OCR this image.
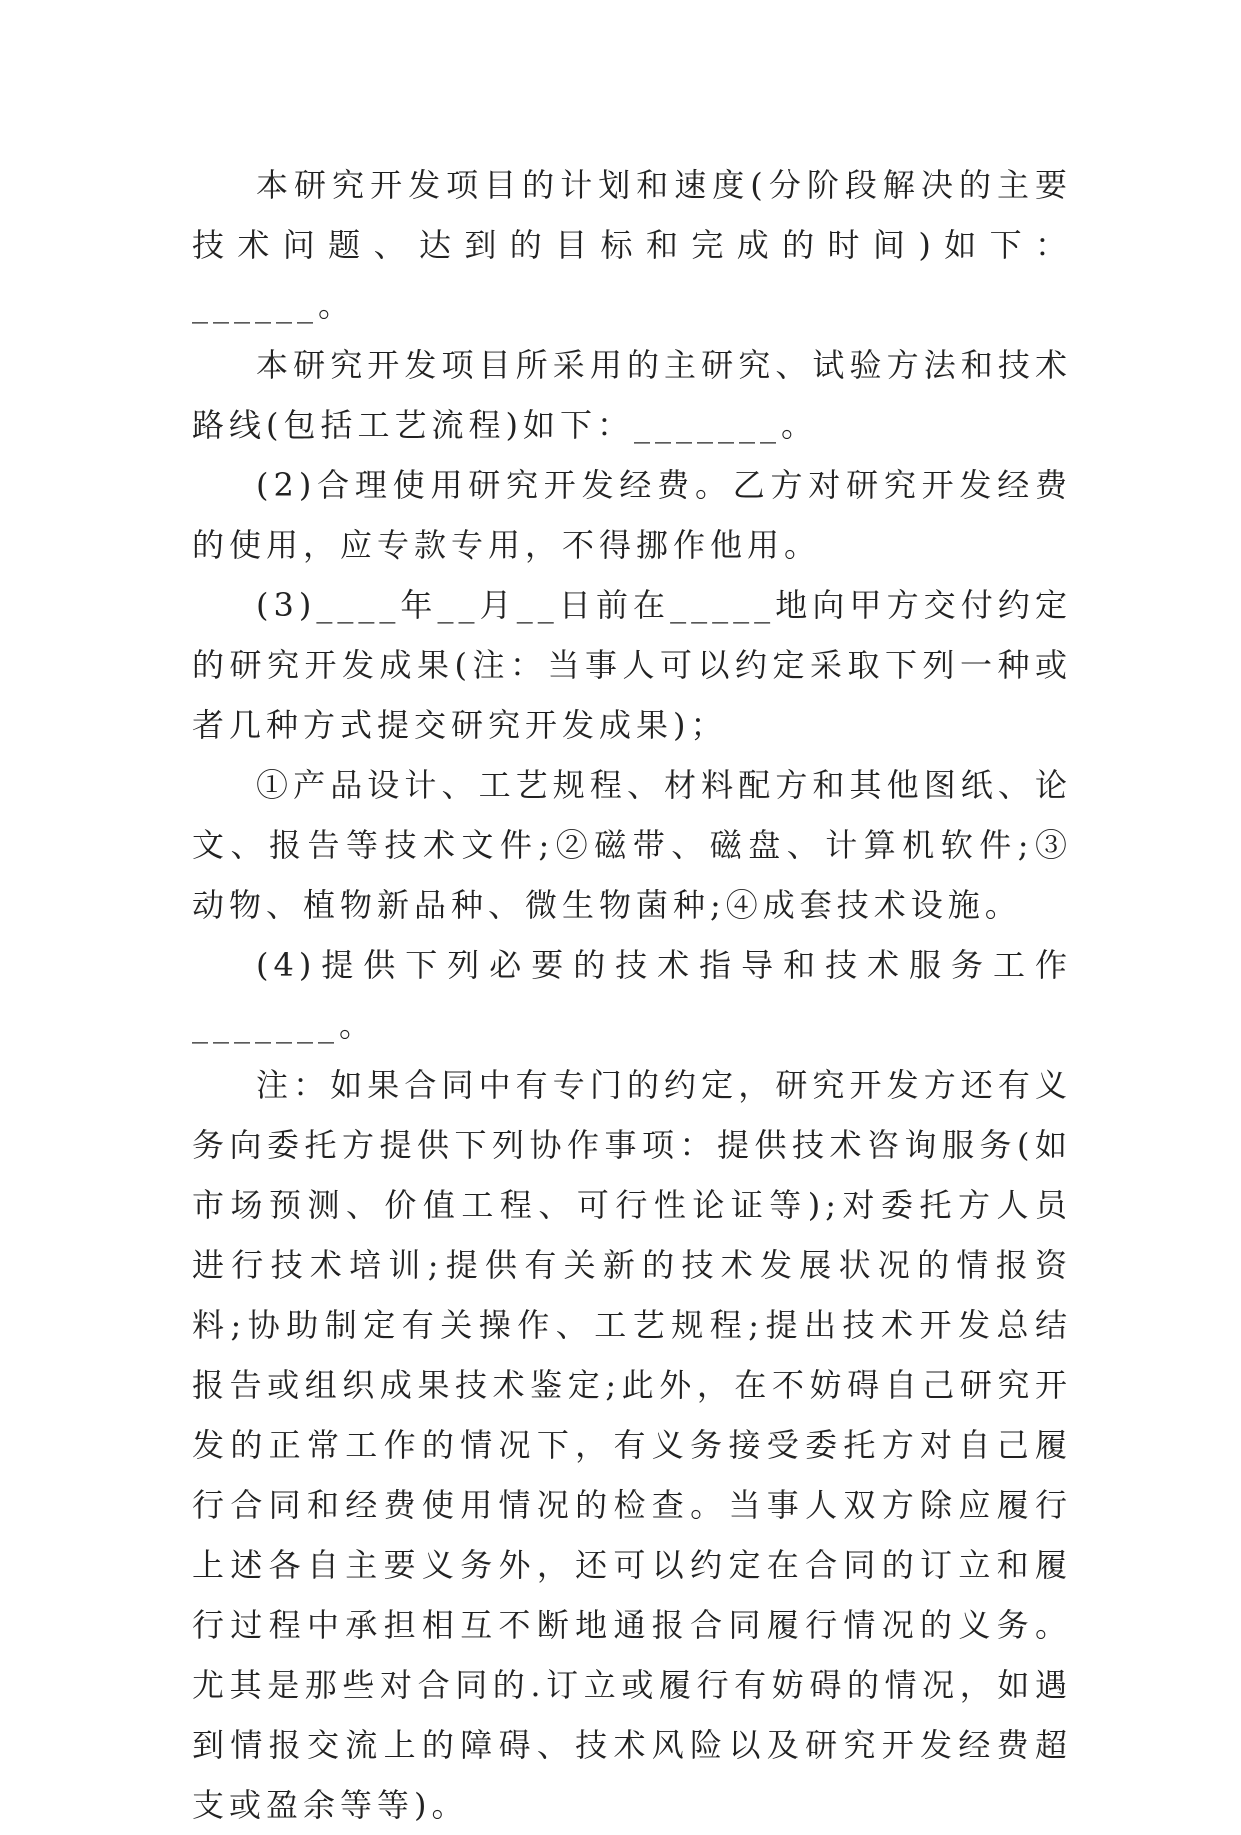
本研究开发项目的计划和速度(分阶段解决的主要技术问题、达到的目标和完成的时间)如下：______。

本研究开发项目所采用的主研究、试验方法和技术路线(包括工艺流程)如下：_______。

(2)合理使用研究开发经费。乙方对研究开发经费的使用，应专款专用，不得挪作他用。

(3)____年__月__日前在_____地向甲方交付约定的研究开发成果(注：当事人可以约定采取下列一种或者几种方式提交研究开发成果)；

①产品设计、工艺规程、材料配方和其他图纸、论文、报告等技术文件;②磁带、磁盘、计算机软件;③动物、植物新品种、微生物菌种;④成套技术设施。

(4)提供下列必要的技术指导和技术服务工作_______。

注：如果合同中有专门的约定，研究开发方还有义务向委托方提供下列协作事项：提供技术咨询服务(如市场预测、价值工程、可行性论证等);对委托方人员进行技术培训;提供有关新的技术发展状况的情报资料;协助制定有关操作、工艺规程;提出技术开发总结报告或组织成果技术鉴定;此外，在不妨碍自己研究开发的正常工作的情况下，有义务接受委托方对自己履行合同和经费使用情况的检查。当事人双方除应履行上述各自主要义务外，还可以约定在合同的订立和履行过程中承担相互不断地通报合同履行情况的义务。尤其是那些对合同的.订立或履行有妨碍的情况，如遇到情报交流上的障碍、技术风险以及研究开发经费超支或盈余等等)。
